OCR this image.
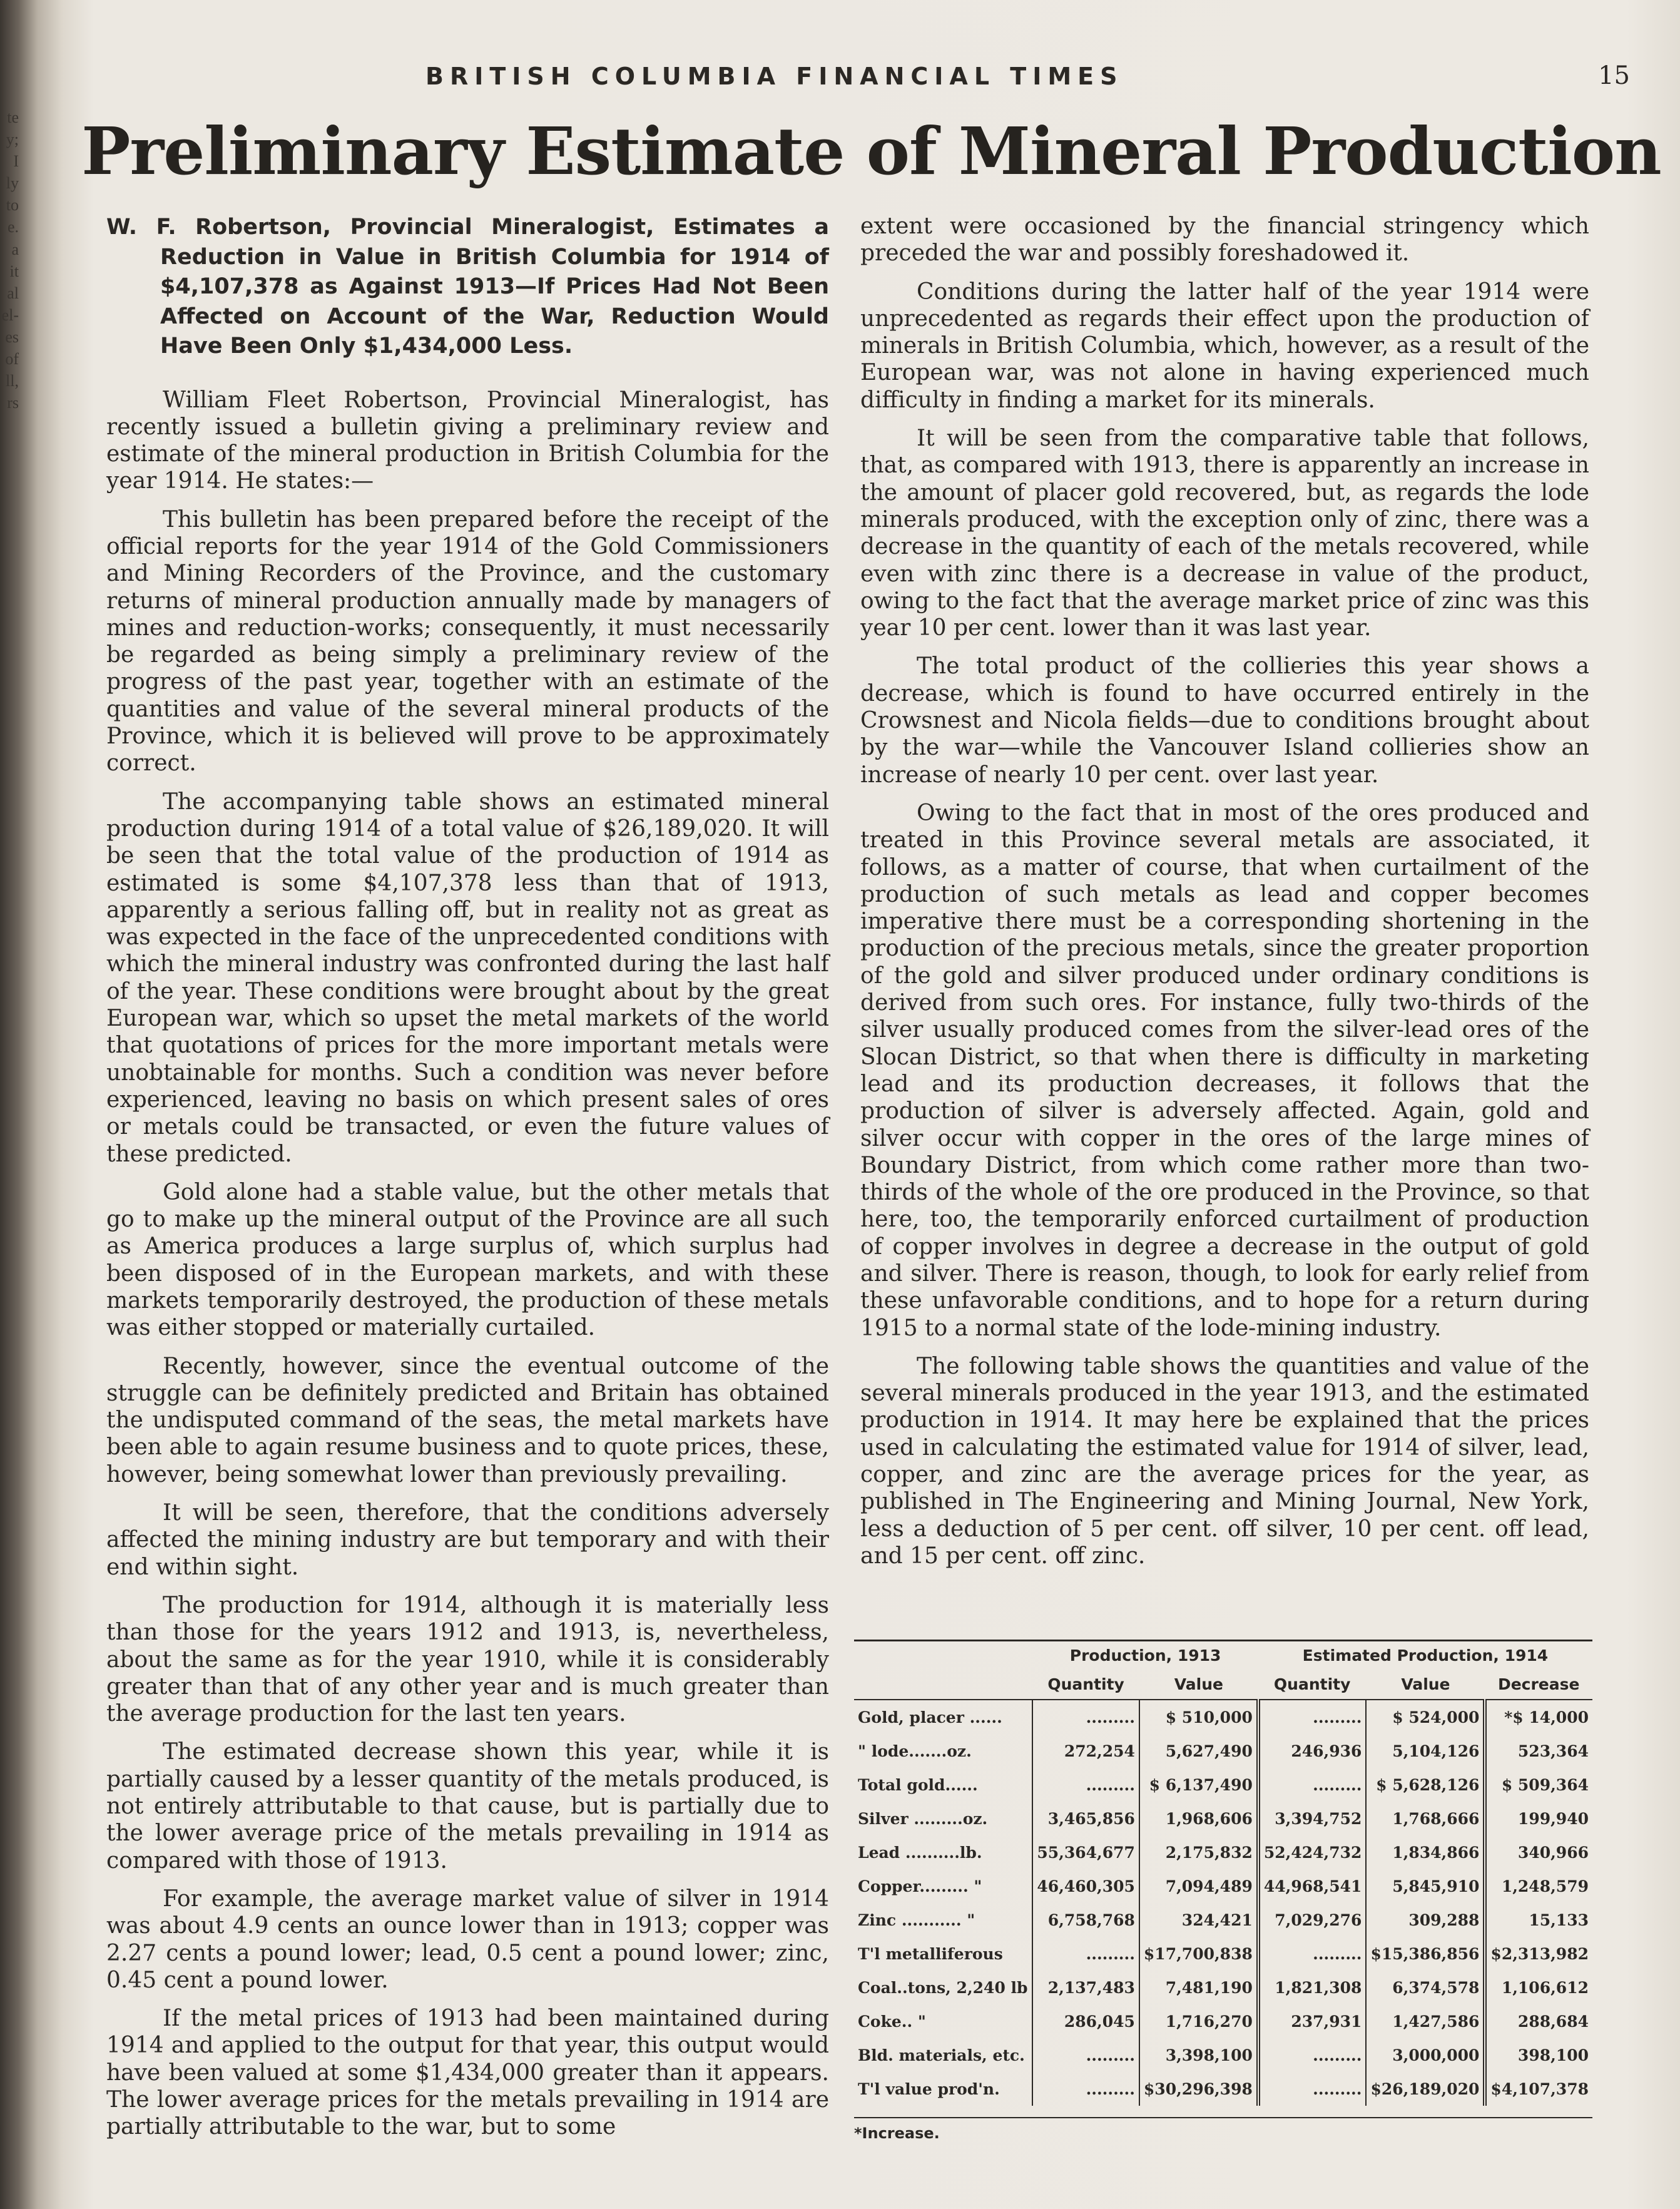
te
y;
I
ly
to
e.
a
it
al
el-
es
of
ll,
rs
BRITISH COLUMBIA FINANCIAL TIMES	15
Preliminary Estimate of Mineral Production
W. F. Robertson, Provincial Mineralogist, Estimates a Reduction in Value in British Columbia for 1914 of $4,107,378 as Against 1913—If Prices Had Not Been Affected on Account of the War, Reduction Would Have Been Only $1,434,000 Less.

William Fleet Robertson, Provincial Mineralogist, has recently issued a bulletin giving a preliminary review and estimate of the mineral production in British Columbia for the year 1914. He states:—

This bulletin has been prepared before the receipt of the official reports for the year 1914 of the Gold Commissioners and Mining Recorders of the Province, and the customary returns of mineral production annually made by managers of mines and reduction-works; consequently, it must necessarily be regarded as being simply a preliminary review of the progress of the past year, together with an estimate of the quantities and value of the several mineral products of the Province, which it is believed will prove to be approximately correct.

The accompanying table shows an estimated mineral production during 1914 of a total value of $26,189,020. It will be seen that the total value of the production of 1914 as estimated is some $4,107,378 less than that of 1913, apparently a serious falling off, but in reality not as great as was expected in the face of the unprecedented conditions with which the mineral industry was confronted during the last half of the year. These conditions were brought about by the great European war, which so upset the metal markets of the world that quotations of prices for the more important metals were unobtainable for months. Such a condition was never before experienced, leaving no basis on which present sales of ores or metals could be transacted, or even the future values of these predicted.

Gold alone had a stable value, but the other metals that go to make up the mineral output of the Province are all such as America produces a large surplus of, which surplus had been disposed of in the European markets, and with these markets temporarily destroyed, the production of these metals was either stopped or materially curtailed.

Recently, however, since the eventual outcome of the struggle can be definitely predicted and Britain has obtained the undisputed command of the seas, the metal markets have been able to again resume business and to quote prices, these, however, being somewhat lower than previously prevailing.

It will be seen, therefore, that the conditions adversely affected the mining industry are but temporary and with their end within sight.

The production for 1914, although it is materially less than those for the years 1912 and 1913, is, nevertheless, about the same as for the year 1910, while it is considerably greater than that of any other year and is much greater than the average production for the last ten years.

The estimated decrease shown this year, while it is partially caused by a lesser quantity of the metals produced, is not entirely attributable to that cause, but is partially due to the lower average price of the metals prevailing in 1914 as compared with those of 1913.

For example, the average market value of silver in 1914 was about 4.9 cents an ounce lower than in 1913; copper was 2.27 cents a pound lower; lead, 0.5 cent a pound lower; zinc, 0.45 cent a pound lower.

If the metal prices of 1913 had been maintained during 1914 and applied to the output for that year, this output would have been valued at some $1,434,000 greater than it appears. The lower average prices for the metals prevailing in 1914 are partially attributable to the war, but to some

extent were occasioned by the financial stringency which preceded the war and possibly foreshadowed it.

Conditions during the latter half of the year 1914 were unprecedented as regards their effect upon the production of minerals in British Columbia, which, however, as a result of the European war, was not alone in having experienced much difficulty in finding a market for its minerals.

It will be seen from the comparative table that follows, that, as compared with 1913, there is apparently an increase in the amount of placer gold recovered, but, as regards the lode minerals produced, with the exception only of zinc, there was a decrease in the quantity of each of the metals recovered, while even with zinc there is a decrease in value of the product, owing to the fact that the average market price of zinc was this year 10 per cent. lower than it was last year.

The total product of the collieries this year shows a decrease, which is found to have occurred entirely in the Crowsnest and Nicola fields—due to conditions brought about by the war—while the Vancouver Island collieries show an increase of nearly 10 per cent. over last year.

Owing to the fact that in most of the ores produced and treated in this Province several metals are associated, it follows, as a matter of course, that when curtailment of the production of such metals as lead and copper becomes imperative there must be a corresponding shortening in the production of the precious metals, since the greater proportion of the gold and silver produced under ordinary conditions is derived from such ores. For instance, fully two-thirds of the silver usually produced comes from the silver-lead ores of the Slocan District, so that when there is difficulty in marketing lead and its production decreases, it follows that the production of silver is adversely affected. Again, gold and silver occur with copper in the ores of the large mines of Boundary District, from which come rather more than two-thirds of the whole of the ore produced in the Province, so that here, too, the temporarily enforced curtailment of production of copper involves in degree a decrease in the output of gold and silver. There is reason, though, to look for early relief from these unfavorable conditions, and to hope for a return during 1915 to a normal state of the lode-mining industry.

The following table shows the quantities and value of the several minerals produced in the year 1913, and the estimated production in 1914. It may here be explained that the prices used in calculating the estimated value for 1914 of silver, lead, copper, and zinc are the average prices for the year, as published in The Engineering and Mining Journal, New York, less a deduction of 5 per cent. off silver, 10 per cent. off lead, and 15 per cent. off zinc.

	Production, 1913		Estimated Production, 1914		
	Quantity	Value	Quantity	Value	Decrease
Gold, placer ......	.........	$ 510,000	.........	$ 524,000	*$ 14,000
" lode.......oz.	272,254	5,627,490	246,936	5,104,126	523,364
Total gold......	.........	$ 6,137,490	.........	$ 5,628,126	$ 509,364
Silver .........oz.	3,465,856	1,968,606	3,394,752	1,768,666	199,940
Lead ..........lb.	55,364,677	2,175,832	52,424,732	1,834,866	340,966
Copper......... "	46,460,305	7,094,489	44,968,541	5,845,910	1,248,579
Zinc ........... "	6,758,768	324,421	7,029,276	309,288	15,133
T'l metalliferous	.........	$17,700,838	.........	$15,386,856	$2,313,982
Coal..tons, 2,240 lb	2,137,483	7,481,190	1,821,308	6,374,578	1,106,612
Coke.. "	286,045	1,716,270	237,931	1,427,586	288,684
Bld. materials, etc.	.........	3,398,100	.........	3,000,000	398,100
T'l value prod'n.	.........	$30,296,398	.........	$26,189,020	$4,107,378
*Increase.
